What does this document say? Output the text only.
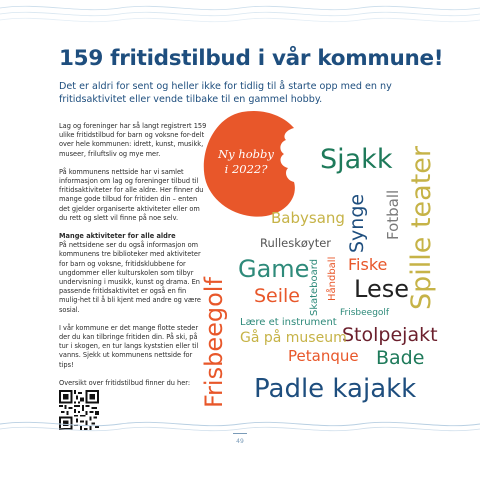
159 fritidstilbud i vår kommune!
Det er aldri for sent og heller ikke for tidlig til å starte opp med en ny fritidsaktivitet eller vende tilbake til en gammel hobby.

Lag og foreninger har så langt registrert 159 ulike fritidstilbud for barn og voksne for-delt over hele kommunen: idrett, kunst, musikk, museer, friluftsliv og mye mer.

På kommunens nettside har vi samlet informasjon om lag og foreninger tilbud til fritidsaktiviteter for alle aldre. Her finner du mange gode tilbud for fritiden din – enten det gjelder organiserte aktiviteter eller om du rett og slett vil finne på noe selv.

Mange aktiviteter for alle aldre

På nettsidene ser du også informasjon om kommunens tre biblioteker med aktiviteter for barn og voksne, fritidsklubbene for ungdommer eller kulturskolen som tilbyr undervisning i musikk, kunst og drama. En passende fritidsaktivitet er også en fin mulig-het til å bli kjent med andre og være sosial.

I vår kommune er det mange flotte steder der du kan tilbringe fritiden din. På ski, på tur i skogen, en tur langs kyststien eller til vanns. Sjekk ut kommunens nettside for tips!

Oversikt over fritidstilbud finner du her:

Ny hobby
i 2022?	Sjakk
Fotball
Babysang Synge Spille teater
Rulleskøyter
Game Skateboard Håndball Fiske
Seile Lese
Frisbeegolf	Frisbeegolf
Lære et instrument
Stolpejakt
Gå på museum
Petanque Bade
Padle kajakk
49
